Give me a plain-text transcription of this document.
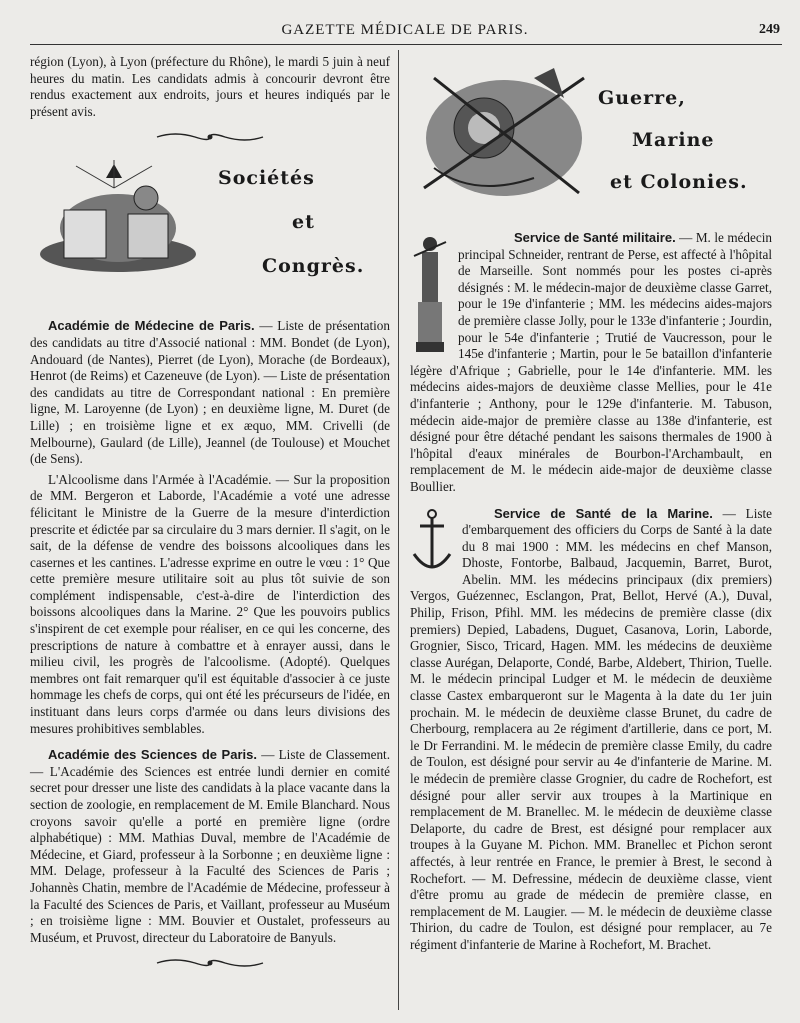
GAZETTE MÉDICALE DE PARIS.	249

région (Lyon), à Lyon (préfecture du Rhône), le mardi 5 juin à neuf heures du matin. Les candidats admis à concourir devront être rendus exactement aux endroits, jours et heures indiqués par le présent avis.

Sociétés
et
Congrès.

Académie de Médecine de Paris. — Liste de présentation des candidats au titre d'Associé national : MM. Bondet (de Lyon), Andouard (de Nantes), Pierret (de Lyon), Morache (de Bordeaux), Henrot (de Reims) et Cazeneuve (de Lyon). — Liste de présentation des candidats au titre de Correspondant national : En première ligne, M. Laroyenne (de Lyon) ; en deuxième ligne, M. Duret (de Lille) ; en troisième ligne et ex æquo, MM. Crivelli (de Melbourne), Gaulard (de Lille), Jeannel (de Toulouse) et Mouchet (de Sens).

L'Alcoolisme dans l'Armée à l'Académie. — Sur la proposition de MM. Bergeron et Laborde, l'Académie a voté une adresse félicitant le Ministre de la Guerre de la mesure d'interdiction prescrite et édictée par sa circulaire du 3 mars dernier. Il s'agit, on le sait, de la défense de vendre des boissons alcooliques dans les casernes et les cantines. L'adresse exprime en outre le vœu : 1° Que cette première mesure utilitaire soit au plus tôt suivie de son complément indispensable, c'est-à-dire de l'interdiction des boissons alcooliques dans la Marine. 2° Que les pouvoirs publics s'inspirent de cet exemple pour réaliser, en ce qui les concerne, des prescriptions de nature à combattre et à enrayer aussi, dans le milieu civil, les progrès de l'alcoolisme. (Adopté). Quelques membres ont fait remarquer qu'il est équitable d'associer à ce juste hommage les chefs de corps, qui ont été les précurseurs de l'idée, en instituant dans leurs corps d'armée ou dans leurs divisions des mesures prohibitives semblables.

Académie des Sciences de Paris. — Liste de Classement. — L'Académie des Sciences est entrée lundi dernier en comité secret pour dresser une liste des candidats à la place vacante dans la section de zoologie, en remplacement de M. Emile Blanchard. Nous croyons savoir qu'elle a porté en première ligne (ordre alphabétique) : MM. Mathias Duval, membre de l'Académie de Médecine, et Giard, professeur à la Sorbonne ; en deuxième ligne : MM. Delage, professeur à la Faculté des Sciences de Paris ; Johannès Chatin, membre de l'Académie de Médecine, professeur à la Faculté des Sciences de Paris, et Vaillant, professeur au Muséum ; en troisième ligne : MM. Bouvier et Oustalet, professeurs au Muséum, et Pruvost, directeur du Laboratoire de Banyuls.

Guerre,
Marine
et Colonies.

Service de Santé militaire. — M. le médecin principal Schneider, rentrant de Perse, est affecté à l'hôpital de Marseille. Sont nommés pour les postes ci-après désignés : M. le médecin-major de deuxième classe Garret, pour le 19e d'infanterie ; MM. les médecins aides-majors de première classe Jolly, pour le 133e d'infanterie ; Jourdin, pour le 54e d'infanterie ; Trutié de Vaucresson, pour le 145e d'infanterie ; Martin, pour le 5e bataillon d'infanterie légère d'Afrique ; Gabrielle, pour le 14e d'infanterie. MM. les médecins aides-majors de deuxième classe Mellies, pour le 41e d'infanterie ; Anthony, pour le 129e d'infanterie. M. Tabuson, médecin aide-major de première classe au 138e d'infanterie, est désigné pour être détaché pendant les saisons thermales de 1900 à l'hôpital d'eaux minérales de Bourbon-l'Archambault, en remplacement de M. le médecin aide-major de deuxième classe Boullier.

Service de Santé de la Marine. — Liste d'embarquement des officiers du Corps de Santé à la date du 8 mai 1900 : MM. les médecins en chef Manson, Dhoste, Fontorbe, Balbaud, Jacquemin, Barret, Burot, Abelin. MM. les médecins principaux (dix premiers) Vergos, Guézennec, Esclangon, Prat, Bellot, Hervé (A.), Duval, Philip, Frison, Pfihl. MM. les médecins de première classe (dix premiers) Depied, Labadens, Duguet, Casanova, Lorin, Laborde, Grognier, Sisco, Tricard, Hagen. MM. les médecins de deuxième classe Aurégan, Delaporte, Condé, Barbe, Aldebert, Thirion, Tuelle. M. le médecin principal Ludger et M. le médecin de deuxième classe Castex embarqueront sur le Magenta à la date du 1er juin prochain. M. le médecin de deuxième classe Brunet, du cadre de Cherbourg, remplacera au 2e régiment d'artillerie, dans ce port, M. le Dr Ferrandini. M. le médecin de première classe Emily, du cadre de Toulon, est désigné pour servir au 4e d'infanterie de Marine. M. le médecin de première classe Grognier, du cadre de Rochefort, est désigné pour aller servir aux troupes à la Martinique en remplacement de M. Branellec. M. le médecin de deuxième classe Delaporte, du cadre de Brest, est désigné pour remplacer aux troupes à la Guyane M. Pichon. MM. Branellec et Pichon seront affectés, à leur rentrée en France, le premier à Brest, le second à Rochefort. — M. Defressine, médecin de deuxième classe, vient d'être promu au grade de médecin de première classe, en remplacement de M. Laugier. — M. le médecin de deuxième classe Thirion, du cadre de Toulon, est désigné pour remplacer, au 7e régiment d'infanterie de Marine à Rochefort, M. Brachet.
